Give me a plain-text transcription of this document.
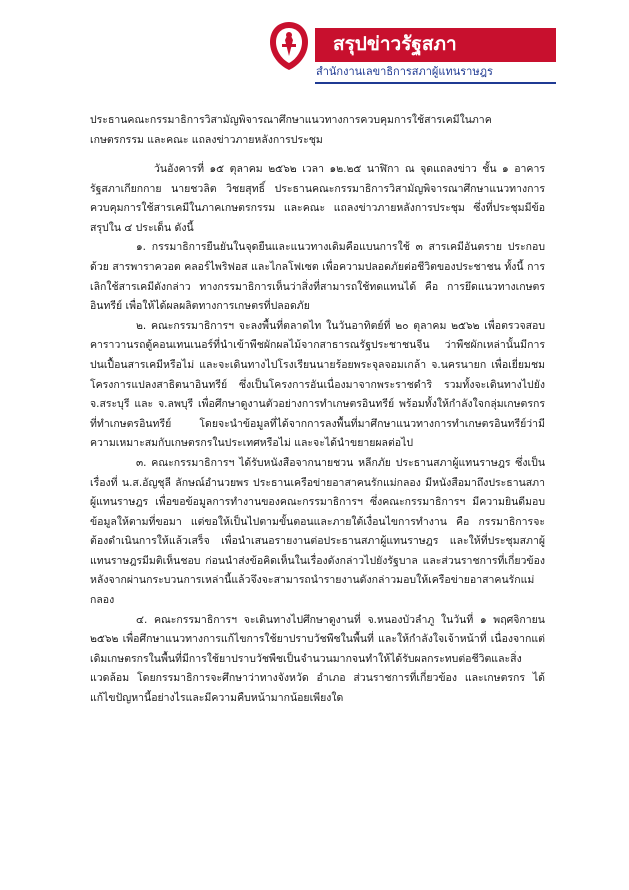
สรุปข่าวรัฐสภา
สำนักงานเลขาธิการสภาผู้แทนราษฎร
ประธานคณะกรรมาธิการวิสามัญพิจารณาศึกษาแนวทางการควบคุมการใช้สารเคมีในภาคเกษตรกรรม และคณะ แถลงข่าวภายหลังการประชุม

วันอังคารที่ ๑๕ ตุลาคม ๒๕๖๒ เวลา ๑๒.๒๕ นาฬิกา ณ จุดแถลงข่าว ชั้น ๑ อาคารรัฐสภาเกียกกาย นายชวลิต วิชยสุทธิ์ ประธานคณะกรรมาธิการวิสามัญพิจารณาศึกษาแนวทางการควบคุมการใช้สารเคมีในภาคเกษตรกรรม และคณะ แถลงข่าวภายหลังการประชุม ซึ่งที่ประชุมมีข้อสรุปใน ๔ ประเด็น ดังนี้

๑. กรรมาธิการยืนยันในจุดยืนและแนวทางเดิมคือแบนการใช้ ๓ สารเคมีอันตราย ประกอบด้วย สารพาราควอต คลอร์ไพริฟอส และไกลโฟเซต เพื่อความปลอดภัยต่อชีวิตของประชาชน ทั้งนี้ การเลิกใช้สารเคมีดังกล่าว ทางกรรมาธิการเห็นว่าสิ่งที่สามารถใช้ทดแทนได้ คือ การยึดแนวทางเกษตรอินทรีย์ เพื่อให้ได้ผลผลิตทางการเกษตรที่ปลอดภัย

๒. คณะกรรมาธิการฯ จะลงพื้นที่ตลาดไท ในวันอาทิตย์ที่ ๒๐ ตุลาคม ๒๕๖๒ เพื่อตรวจสอบคาราวานรถตู้คอนเทนเนอร์ที่นำเข้าพืชผักผลไม้จากสาธารณรัฐประชาชนจีน ว่าพืชผักเหล่านั้นมีการปนเปื้อนสารเคมีหรือไม่ และจะเดินทางไปโรงเรียนนายร้อยพระจุลจอมเกล้า จ.นครนายก เพื่อเยี่ยมชมโครงการแปลงสาธิตนาอินทรีย์ ซึ่งเป็นโครงการอันเนื่องมาจากพระราชดำริ รวมทั้งจะเดินทางไปยัง จ.สระบุรี และ จ.ลพบุรี เพื่อศึกษาดูงานตัวอย่างการทำเกษตรอินทรีย์ พร้อมทั้งให้กำลังใจกลุ่มเกษตรกรที่ทำเกษตรอินทรีย์ โดยจะนำข้อมูลที่ได้จากการลงพื้นที่มาศึกษาแนวทางการทำเกษตรอินทรีย์ว่ามีความเหมาะสมกับเกษตรกรในประเทศหรือไม่ และจะได้นำขยายผลต่อไป

๓. คณะกรรมาธิการฯ ได้รับหนังสือจากนายชวน หลีกภัย ประธานสภาผู้แทนราษฎร ซึ่งเป็นเรื่องที่ น.ส.อัญชุลี ลักษณ์อำนวยพร ประธานเครือข่ายอาสาคนรักแม่กลอง มีหนังสือมาถึงประธานสภาผู้แทนราษฎร เพื่อขอข้อมูลการทำงานของคณะกรรมาธิการฯ ซึ่งคณะกรรมาธิการฯ มีความยินดีมอบข้อมูลให้ตามที่ขอมา แต่ขอให้เป็นไปตามขั้นตอนและภายใต้เงื่อนไขการทำงาน คือ กรรมาธิการจะต้องดำเนินการให้แล้วเสร็จ เพื่อนำเสนอรายงานต่อประธานสภาผู้แทนราษฎร และให้ที่ประชุมสภาผู้แทนราษฎรมีมติเห็นชอบ ก่อนนำส่งข้อคิดเห็นในเรื่องดังกล่าวไปยังรัฐบาล และส่วนราชการที่เกี่ยวข้อง หลังจากผ่านกระบวนการเหล่านี้แล้วจึงจะสามารถนำรายงานดังกล่าวมอบให้เครือข่ายอาสาคนรักแม่กลอง

๔. คณะกรรมาธิการฯ จะเดินทางไปศึกษาดูงานที่ จ.หนองบัวลำภู ในวันที่ ๑ พฤศจิกายน ๒๕๖๒ เพื่อศึกษาแนวทางการแก้ไขการใช้ยาปราบวัชพืชในพื้นที่ และให้กำลังใจเจ้าหน้าที่ เนื่องจากแต่เดิมเกษตรกรในพื้นที่มีการใช้ยาปราบวัชพืชเป็นจำนวนมากจนทำให้ได้รับผลกระทบต่อชีวิตและสิ่งแวดล้อม โดยกรรมาธิการจะศึกษาว่าทางจังหวัด อำเภอ ส่วนราชการที่เกี่ยวข้อง และเกษตรกร ได้แก้ไขปัญหานี้อย่างไรและมีความคืบหน้ามากน้อยเพียงใด
